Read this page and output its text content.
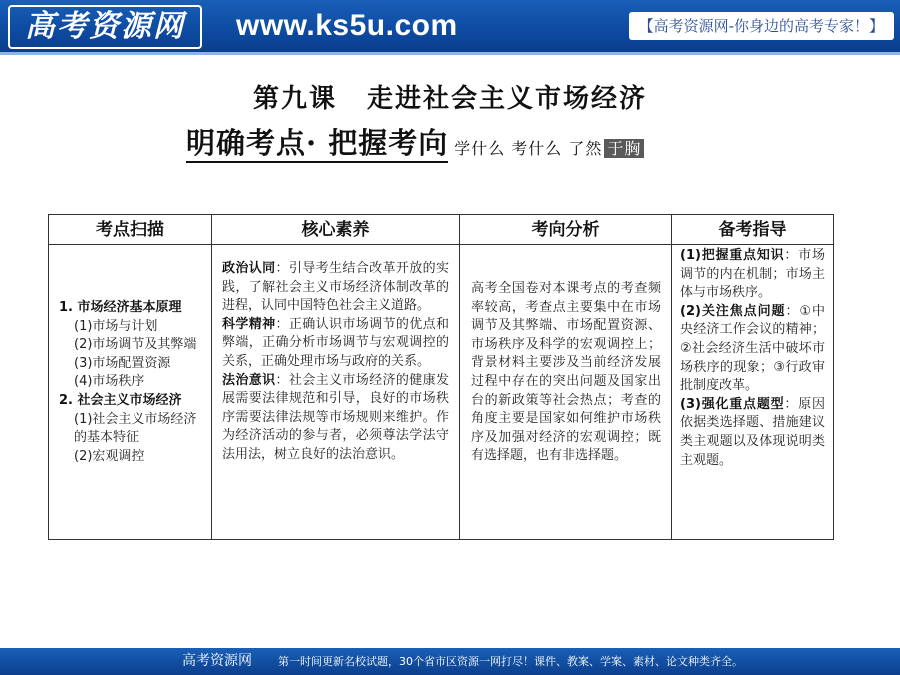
高考资源网	www.ks5u.com	【高考资源网-你身边的高考专家！】
第九课 走进社会主义市场经济
明确考点· 把握考向 学什么 考什么 了然 于胸
考点扫描
1. 市场经济基本原理
(1)市场与计划
(2)市场调节及其弊端
(3)市场配置资源
(4)市场秩序
2. 社会主义市场经济
(1)社会主义市场经济的基本特征
(2)宏观调控
核心素养

政治认同：引导考生结合改革开放的实践，了解社会主义市场经济体制改革的进程，认同中国特色社会主义道路。

科学精神：正确认识市场调节的优点和弊端，正确分析市场调节与宏观调控的关系，正确处理市场与政府的关系。

法治意识：社会主义市场经济的健康发展需要法律规范和引导，良好的市场秩序需要法律法规等市场规则来维护。作为经济活动的参与者，必须尊法学法守法用法，树立良好的法治意识。

考向分析
高考全国卷对本课考点的考查频率较高，考查点主要集中在市场调节及其弊端、市场配置资源、市场秩序及科学的宏观调控上；背景材料主要涉及当前经济发展过程中存在的突出问题及国家出台的新政策等社会热点；考查的角度主要是国家如何维护市场秩序及加强对经济的宏观调控；既有选择题，也有非选择题。
备考指导

(1)把握重点知识：市场调节的内在机制；市场主体与市场秩序。

(2)关注焦点问题：①中央经济工作会议的精神；②社会经济生活中破坏市场秩序的现象；③行政审批制度改革。

(3)强化重点题型：原因依据类选择题、措施建议类主观题以及体现说明类主观题。

高考资源网 第一时间更新名校试题，30个省市区资源一网打尽！课件、教案、学案、素材、论文种类齐全。
